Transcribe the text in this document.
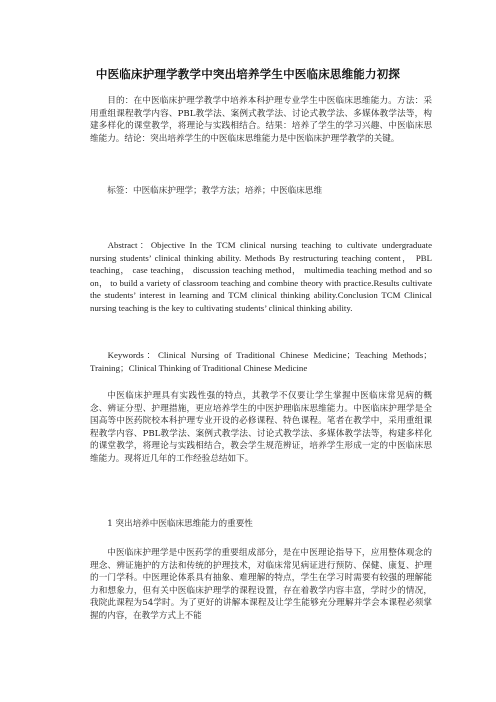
中医临床护理学教学中突出培养学生中医临床思维能力初探

目的：在中医临床护理学教学中培养本科护理专业学生中医临床思维能力。方法：采用重组课程教学内容、PBL教学法、案例式教学法、讨论式教学法、多媒体教学法等，构建多样化的课堂教学，将理论与实践相结合。结果：培养了学生的学习兴趣、中医临床思维能力。结论：突出培养学生的中医临床思维能力是中医临床护理学教学的关键。

标签：中医临床护理学；教学方法；培养；中医临床思维

Abstract：Objective In the TCM clinical nursing teaching to cultivate undergraduate nursing students’ clinical thinking ability. Methods By restructuring teaching content， PBL teaching， case teaching， discussion teaching method， multimedia teaching method and so on， to build a variety of classroom teaching and combine theory with practice.Results cultivate the students’ interest in learning and TCM clinical thinking ability.Conclusion TCM Clinical nursing teaching is the key to cultivating students’ clinical thinking ability.

Keywords：Clinical Nursing of Traditional Chinese Medicine；Teaching Methods；Training；Clinical Thinking of Traditional Chinese Medicine

中医临床护理具有实践性强的特点，其教学不仅要让学生掌握中医临床常见病的概念、辨证分型、护理措施，更应培养学生的中医护理临床思维能力。中医临床护理学是全国高等中医药院校本科护理专业开设的必修课程、特色课程。笔者在教学中，采用重组课程教学内容、PBL教学法、案例式教学法、讨论式教学法、多媒体教学法等，构建多样化的课堂教学，将理论与实践相结合，教会学生规范辨证，培养学生形成一定的中医临床思维能力。现将近几年的工作经验总结如下。

1 突出培养中医临床思维能力的重要性

中医临床护理学是中医药学的重要组成部分，是在中医理论指导下，应用整体观念的理念、辨证施护的方法和传统的护理技术，对临床常见病证进行预防、保健、康复、护理的一门学科。中医理论体系具有抽象、难理解的特点，学生在学习时需要有较强的理解能力和想象力，但有关中医临床护理学的课程设置，存在着教学内容丰富，学时少的情况，我院此课程为54学时。为了更好的讲解本课程及让学生能够充分理解并学会本课程必须掌握的内容，在教学方式上不能
